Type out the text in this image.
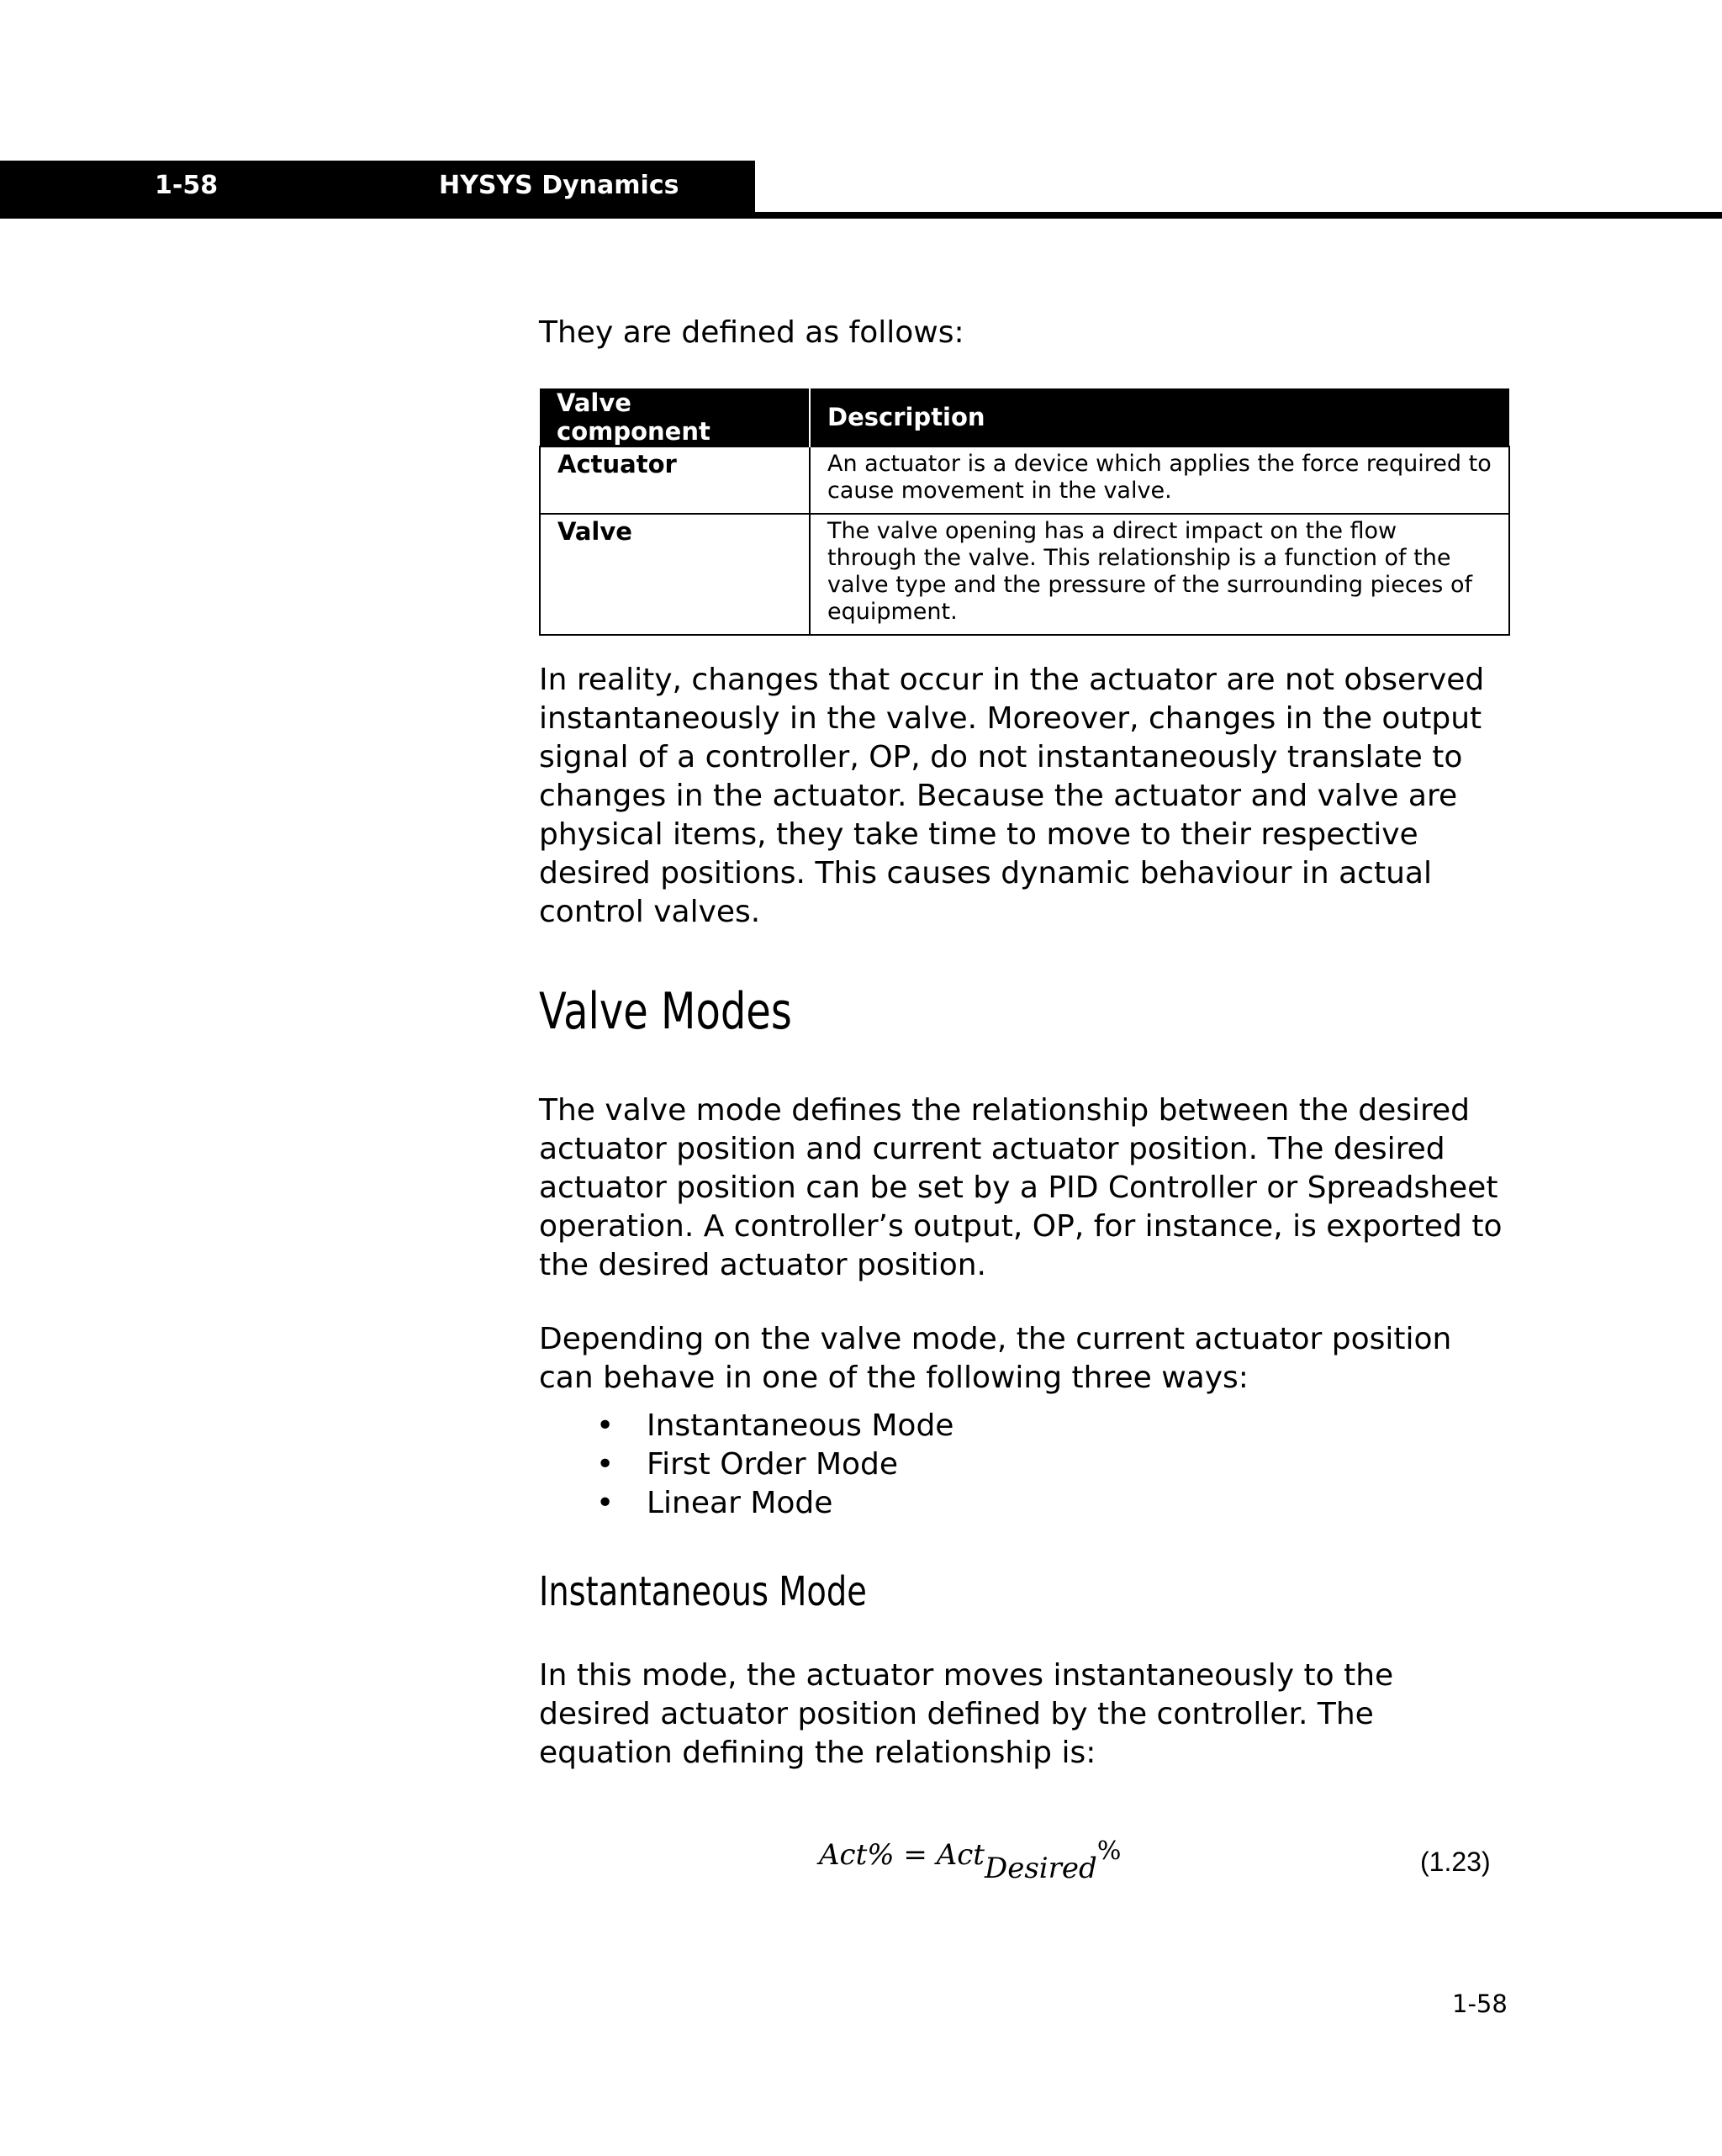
1-58	HYSYS Dynamics

They are defined as follows:

Valve component	Description
Actuator	An actuator is a device which applies the force required to cause movement in the valve.
Valve	The valve opening has a direct impact on the flow through the valve. This relationship is a function of the valve type and the pressure of the surrounding pieces of equipment.

In reality, changes that occur in the actuator are not observed instantaneously in the valve. Moreover, changes in the output signal of a controller, OP, do not instantaneously translate to changes in the actuator. Because the actuator and valve are physical items, they take time to move to their respective desired positions. This causes dynamic behaviour in actual control valves.

Valve Modes

The valve mode defines the relationship between the desired actuator position and current actuator position. The desired actuator position can be set by a PID Controller or Spreadsheet operation. A controller’s output, OP, for instance, is exported to the desired actuator position.

Depending on the valve mode, the current actuator position can behave in one of the following three ways:

• Instantaneous Mode
• First Order Mode
• Linear Mode
Instantaneous Mode

In this mode, the actuator moves instantaneously to the desired actuator position defined by the controller. The equation defining the relationship is:

Act% = Act$_{Desired}$%	(1.23)
1-58
